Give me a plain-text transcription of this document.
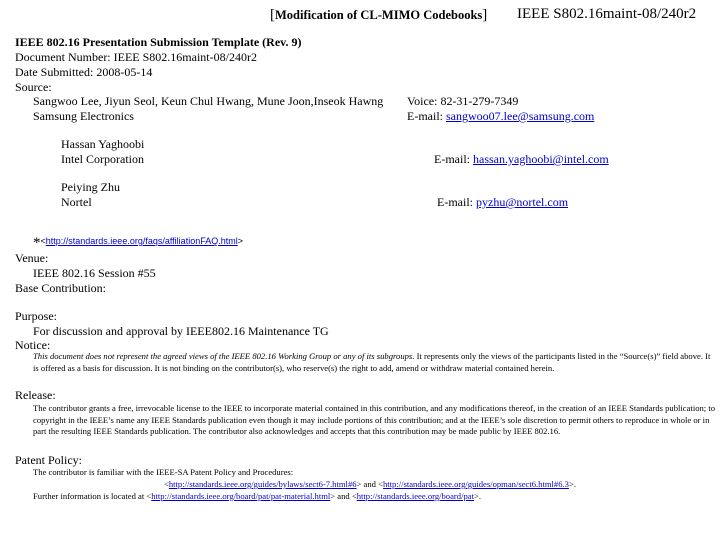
[Modification of CL-MIMO Codebooks] IEEE S802.16maint-08/240r2
IEEE 802.16 Presentation Submission Template (Rev. 9)
Document Number: IEEE S802.16maint-08/240r2
Date Submitted: 2008-05-14
Source:
Sangwoo Lee, Jiyun Seol, Keun Chul Hwang, Mune Joon,Inseok Hawng
Samsung Electronics
Voice: 82-31-279-7349
E-mail: sangwoo07.lee@samsung.com
Hassan Yaghoobi
Intel Corporation	E-mail: hassan.yaghoobi@intel.com
Peiying Zhu
Nortel	E-mail: pyzhu@nortel.com
*<http://standards.ieee.org/faqs/affiliationFAQ.html>
Venue:
IEEE 802.16 Session #55
Base Contribution:
Purpose:
For discussion and approval by IEEE802.16 Maintenance TG
Notice:
This document does not represent the agreed views of the IEEE 802.16 Working Group or any of its subgroups. It represents only the views of the participants listed in the “Source(s)” field above. It is offered as a basis for discussion. It is not binding on the contributor(s), who reserve(s) the right to add, amend or withdraw material contained herein.
Release:
The contributor grants a free, irrevocable license to the IEEE to incorporate material contained in this contribution, and any modifications thereof, in the creation of an IEEE Standards publication; to copyright in the IEEE’s name any IEEE Standards publication even though it may include portions of this contribution; and at the IEEE’s sole discretion to permit others to reproduce in whole or in part the resulting IEEE Standards publication. The contributor also acknowledges and accepts that this contribution may be made public by IEEE 802.16.
Patent Policy:
The contributor is familiar with the IEEE-SA Patent Policy and Procedures:
<http://standards.ieee.org/guides/bylaws/sect6-7.html#6> and <http://standards.ieee.org/guides/opman/sect6.html#6.3>.
Further information is located at <http://standards.ieee.org/board/pat/pat-material.html> and <http://standards.ieee.org/board/pat>.
